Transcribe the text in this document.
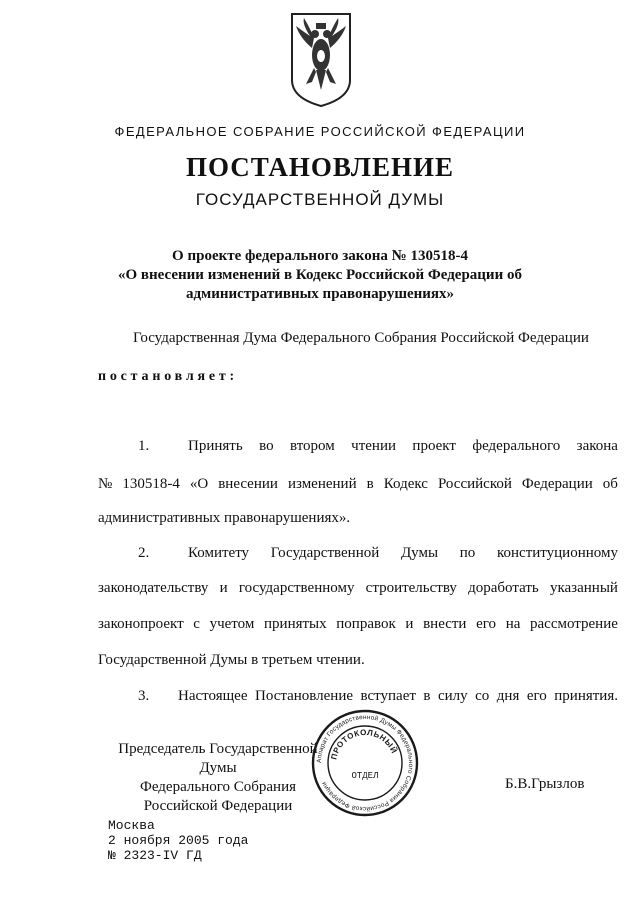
ФЕДЕРАЛЬНОЕ СОБРАНИЕ РОССИЙСКОЙ ФЕДЕРАЦИИ
ПОСТАНОВЛЕНИЕ
ГОСУДАРСТВЕННОЙ ДУМЫ
О проекте федерального закона № 130518-4
«О внесении изменений в Кодекс Российской Федерации об
административных правонарушениях»
Государственная Дума Федерального Собрания Российской Федерации
постановляет:
1.	Принять во втором чтении проект федерального закона
№ 130518-4 «О внесении изменений в Кодекс Российской Федерации об
административных правонарушениях».
2.	Комитету Государственной Думы по конституционному
законодательству и государственному строительству доработать указанный
законопроект с учетом принятых поправок и внести его на рассмотрение
Государственной Думы в третьем чтении.
3. Настоящее Постановление вступает в силу со дня его принятия.
Председатель Государственной Думы
Федерального Собрания
Российской Федерации
Аппарат Государственной Думы Федерального Собрания Российской Федерации
ПРОТОКОЛЬНЫЙ
ОТДЕЛ	Б.В.Грызлов
Москва
2 ноября 2005 года
№ 2323-IV ГД
